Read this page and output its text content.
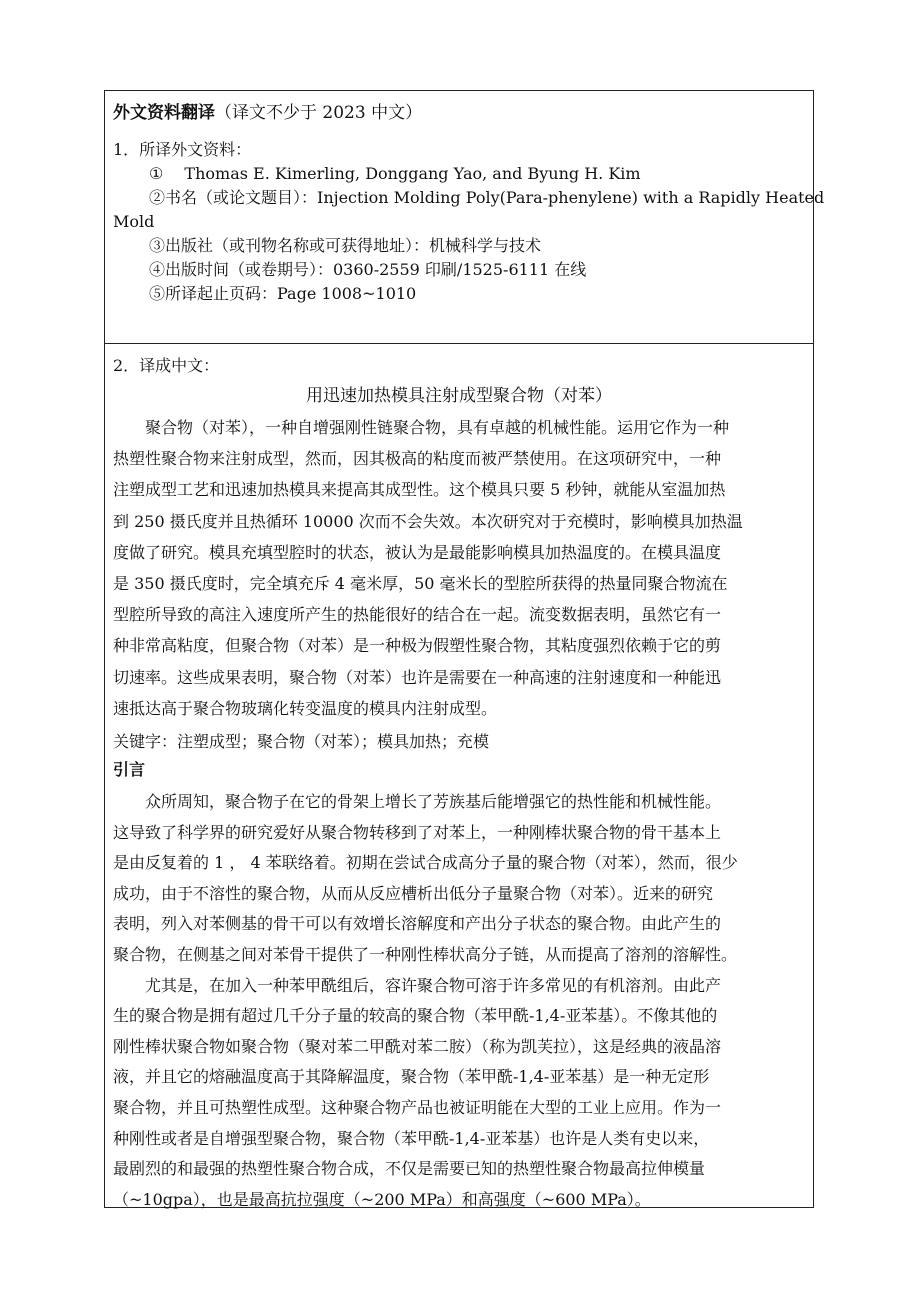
外文资料翻译（译文不少于 2023 中文）
1．所译外文资料：
①　 Thomas E. Kimerling, Donggang Yao, and Byung H. Kim
②书名（或论文题目）：Injection Molding Poly(Para-phenylene) with a Rapidly Heated
Mold
③出版社（或刊物名称或可获得地址）：机械科学与技术
④出版时间（或卷期号）：0360-2559 印刷/1525-6111 在线
⑤所译起止页码：Page 1008~1010
2．译成中文：
用迅速加热模具注射成型聚合物（对苯）
聚合物（对苯），一种自增强刚性链聚合物，具有卓越的机械性能。运用它作为一种
热塑性聚合物来注射成型，然而，因其极高的粘度而被严禁使用。在这项研究中，一种
注塑成型工艺和迅速加热模具来提高其成型性。这个模具只要 5 秒钟，就能从室温加热
到 250 摄氏度并且热循环 10000 次而不会失效。本次研究对于充模时，影响模具加热温
度做了研究。模具充填型腔时的状态，被认为是最能影响模具加热温度的。在模具温度
是 350 摄氏度时，完全填充斥 4 毫米厚，50 毫米长的型腔所获得的热量同聚合物流在
型腔所导致的高注入速度所产生的热能很好的结合在一起。流变数据表明，虽然它有一
种非常高粘度，但聚合物（对苯）是一种极为假塑性聚合物，其粘度强烈依赖于它的剪
切速率。这些成果表明，聚合物（对苯）也许是需要在一种高速的注射速度和一种能迅
速抵达高于聚合物玻璃化转变温度的模具内注射成型。
关键字：注塑成型；聚合物（对苯）；模具加热；充模
引言
众所周知，聚合物子在它的骨架上增长了芳族基后能增强它的热性能和机械性能。
这导致了科学界的研究爱好从聚合物转移到了对苯上，一种刚棒状聚合物的骨干基本上
是由反复着的 1 ， 4 苯联络着。初期在尝试合成高分子量的聚合物（对苯），然而，很少
成功，由于不溶性的聚合物，从而从反应槽析出低分子量聚合物（对苯）。近来的研究
表明，列入对苯侧基的骨干可以有效增长溶解度和产出分子状态的聚合物。由此产生的
聚合物，在侧基之间对苯骨干提供了一种刚性棒状高分子链，从而提高了溶剂的溶解性。
尤其是，在加入一种苯甲酰组后，容许聚合物可溶于许多常见的有机溶剂。由此产
生的聚合物是拥有超过几千分子量的较高的聚合物（苯甲酰-1,4-亚苯基）。不像其他的
刚性棒状聚合物如聚合物（聚对苯二甲酰对苯二胺）（称为凯芙拉），这是经典的液晶溶
液，并且它的熔融温度高于其降解温度，聚合物（苯甲酰-1,4-亚苯基）是一种无定形
聚合物，并且可热塑性成型。这种聚合物产品也被证明能在大型的工业上应用。作为一
种刚性或者是自增强型聚合物，聚合物（苯甲酰-1,4-亚苯基）也许是人类有史以来，
最剧烈的和最强的热塑性聚合物合成，不仅是需要已知的热塑性聚合物最高拉伸模量
（~10gpa），也是最高抗拉强度（~200 MPa）和高强度（~600 MPa）。
